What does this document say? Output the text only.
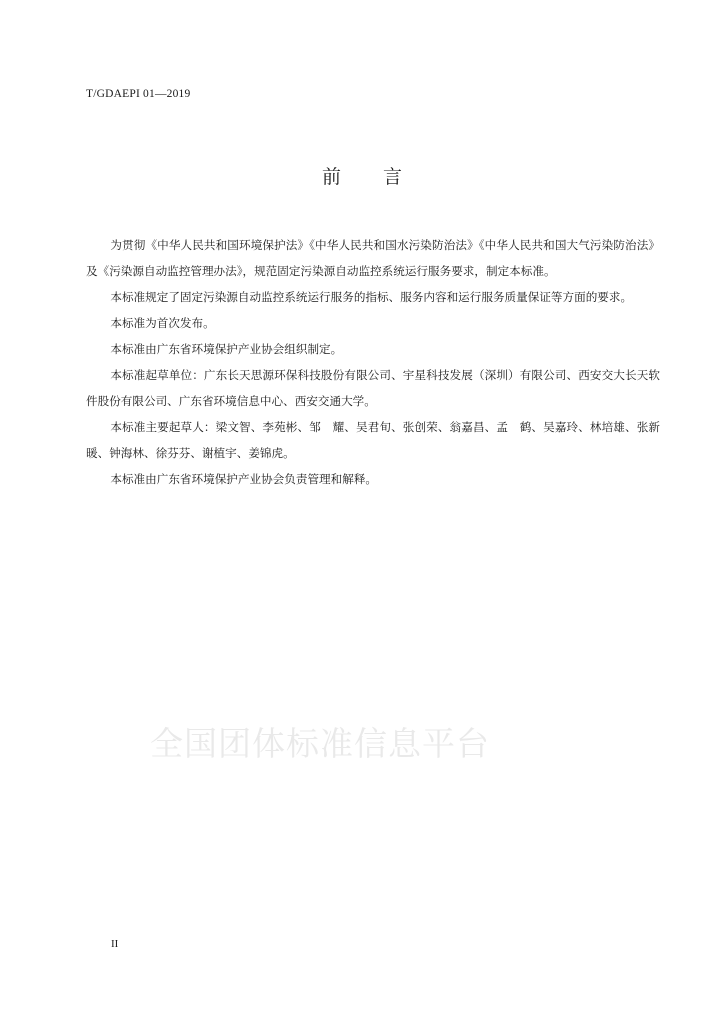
T/GDAEPI 01—2019
前 言

为贯彻《中华人民共和国环境保护法》《中华人民共和国水污染防治法》《中华人民共和国大气污染防治法》及《污染源自动监控管理办法》，规范固定污染源自动监控系统运行服务要求，制定本标准。

本标准规定了固定污染源自动监控系统运行服务的指标、服务内容和运行服务质量保证等方面的要求。

本标准为首次发布。

本标准由广东省环境保护产业协会组织制定。

本标准起草单位：广东长天思源环保科技股份有限公司、宇星科技发展（深圳）有限公司、西安交大长天软件股份有限公司、广东省环境信息中心、西安交通大学。

本标准主要起草人：梁文智、李苑彬、邹　耀、吴君旬、张创荣、翁嘉昌、孟　鹤、吴嘉玲、林培雄、张新暖、钟海林、徐芬芬、谢植宇、姜锦虎。

本标准由广东省环境保护产业协会负责管理和解释。

全国团体标准信息平台
II
